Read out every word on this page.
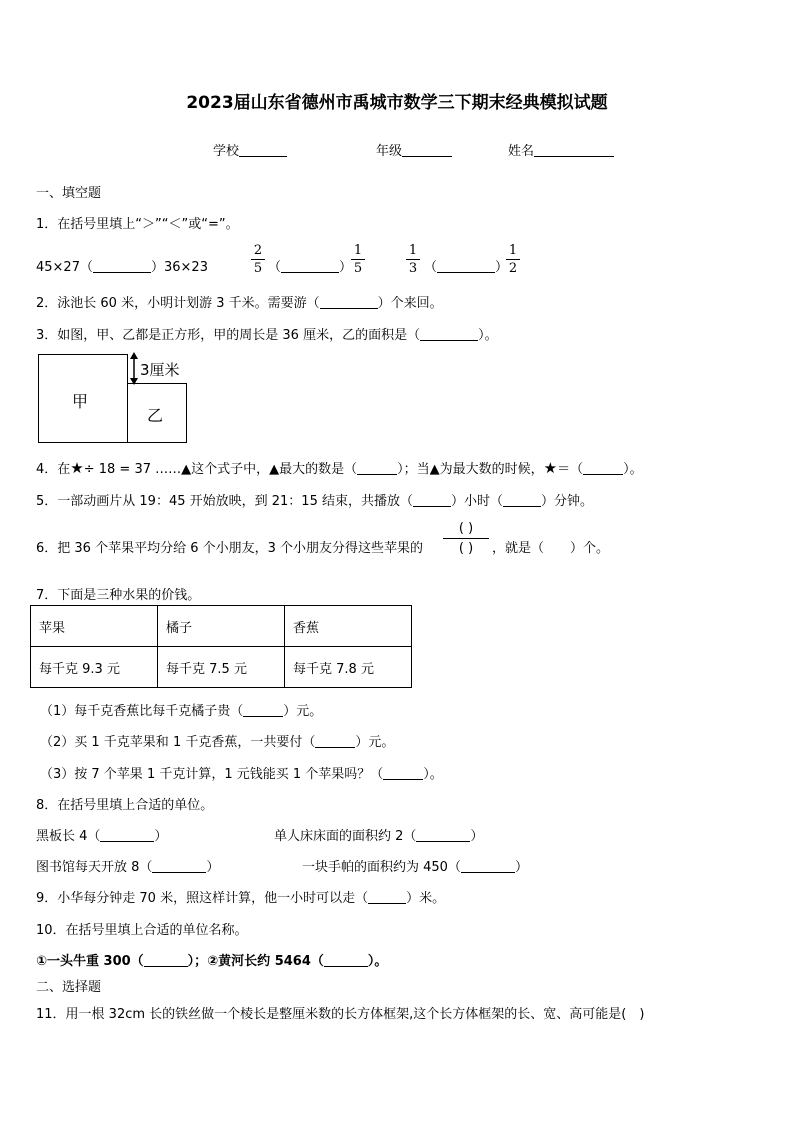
2023届山东省德州市禹城市数学三下期末经典模拟试题
学校	年级	姓名
一、填空题
1．在括号里填上“＞”“＜”或“=”。
45×27（	）36×23
2
5 （	）
1
5
1
3 （	）
1
2
2．泳池长 60 米，小明计划游 3 千米。需要游（	）个来回。
3．如图，甲、乙都是正方形，甲的周长是 36 厘米，乙的面积是（	）。
甲
乙
3厘米
4．在★÷ 18 = 37 ……▲这个式子中，▲最大的数是（	）；当▲为最大数的时候，★＝（	）。
5．一部动画片从 19：45 开始放映，到 21：15 结束，共播放（	）小时（	）分钟。
6．把 36 个苹果平均分给 6 个小朋友，3 个小朋友分得这些苹果的
( )
( )	，就是（　　）个。
7．下面是三种水果的价钱。
苹果	橘子	香蕉
每千克 9.3 元	每千克 7.5 元	每千克 7.8 元
（1）每千克香蕉比每千克橘子贵（	）元。
（2）买 1 千克苹果和 1 千克香蕉，一共要付（	）元。
（3）按 7 个苹果 1 千克计算，1 元钱能买 1 个苹果吗？（	）。
8．在括号里填上合适的单位。
黑板长 4（	）	单人床床面的面积约 2（	）
图书馆每天开放 8（	）	一块手帕的面积约为 450（	）
9．小华每分钟走 70 米，照这样计算，他一小时可以走（	）米。
10．在括号里填上合适的单位名称。
①一头牛重 300（	）；②黄河长约 5464（	）。
二、选择题
11．用一根 32cm 长的铁丝做一个棱长是整厘米数的长方体框架,这个长方体框架的长、宽、高可能是(　)
